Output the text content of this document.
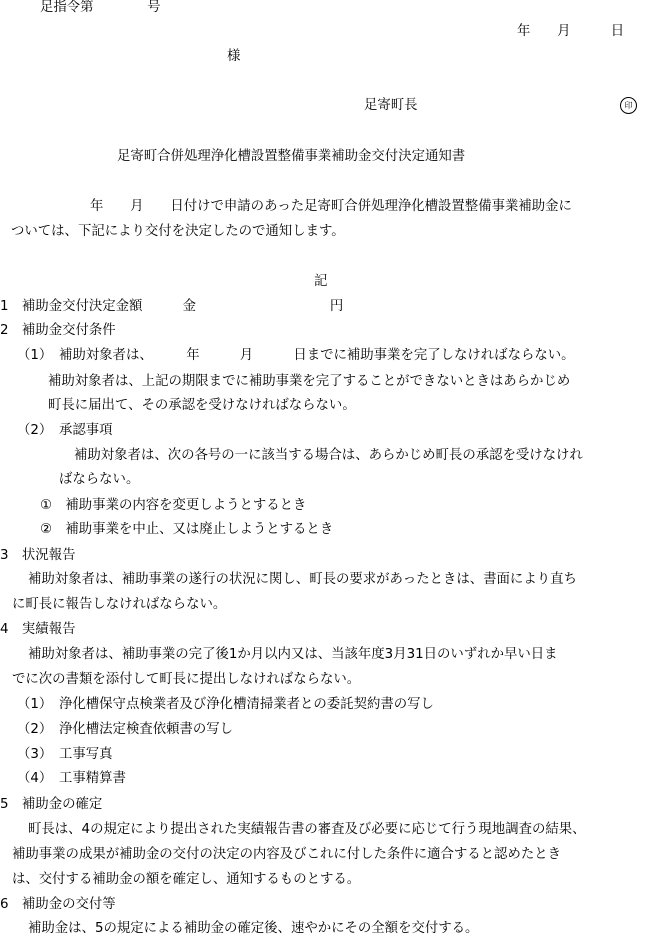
足指令第　　　　号
年　　月　　　日
様
足寄町長	印
足寄町合併処理浄化槽設置整備事業補助金交付決定通知書
年　　月　　日付けで申請のあった足寄町合併処理浄化槽設置整備事業補助金に
ついては、下記により交付を決定したので通知します。
記
1　補助金交付決定金額　　　金　　　　　　　　　　円
2　補助金交付条件
（1）　補助対象者は、　　　年　　　月　　　日までに補助事業を完了しなければならない。
補助対象者は、上記の期限までに補助事業を完了することができないときはあらかじめ
町長に届出て、その承認を受けなければならない。
（2）　承認事項
補助対象者は、次の各号の一に該当する場合は、あらかじめ町長の承認を受けなけれ
ばならない。
①　補助事業の内容を変更しようとするとき
②　補助事業を中止、又は廃止しようとするとき
3　状況報告
補助対象者は、補助事業の遂行の状況に関し、町長の要求があったときは、書面により直ち
に町長に報告しなければならない。
4　実績報告
補助対象者は、補助事業の完了後1か月以内又は、当該年度3月31日のいずれか早い日ま
でに次の書類を添付して町長に提出しなければならない。
（1）　浄化槽保守点検業者及び浄化槽清掃業者との委託契約書の写し
（2）　浄化槽法定検査依頼書の写し
（3）　工事写真
（4）　工事精算書
5　補助金の確定
町長は、4の規定により提出された実績報告書の審査及び必要に応じて行う現地調査の結果、
補助事業の成果が補助金の交付の決定の内容及びこれに付した条件に適合すると認めたとき
は、交付する補助金の額を確定し、通知するものとする。
6　補助金の交付等
補助金は、5の規定による補助金の確定後、速やかにその全額を交付する。
